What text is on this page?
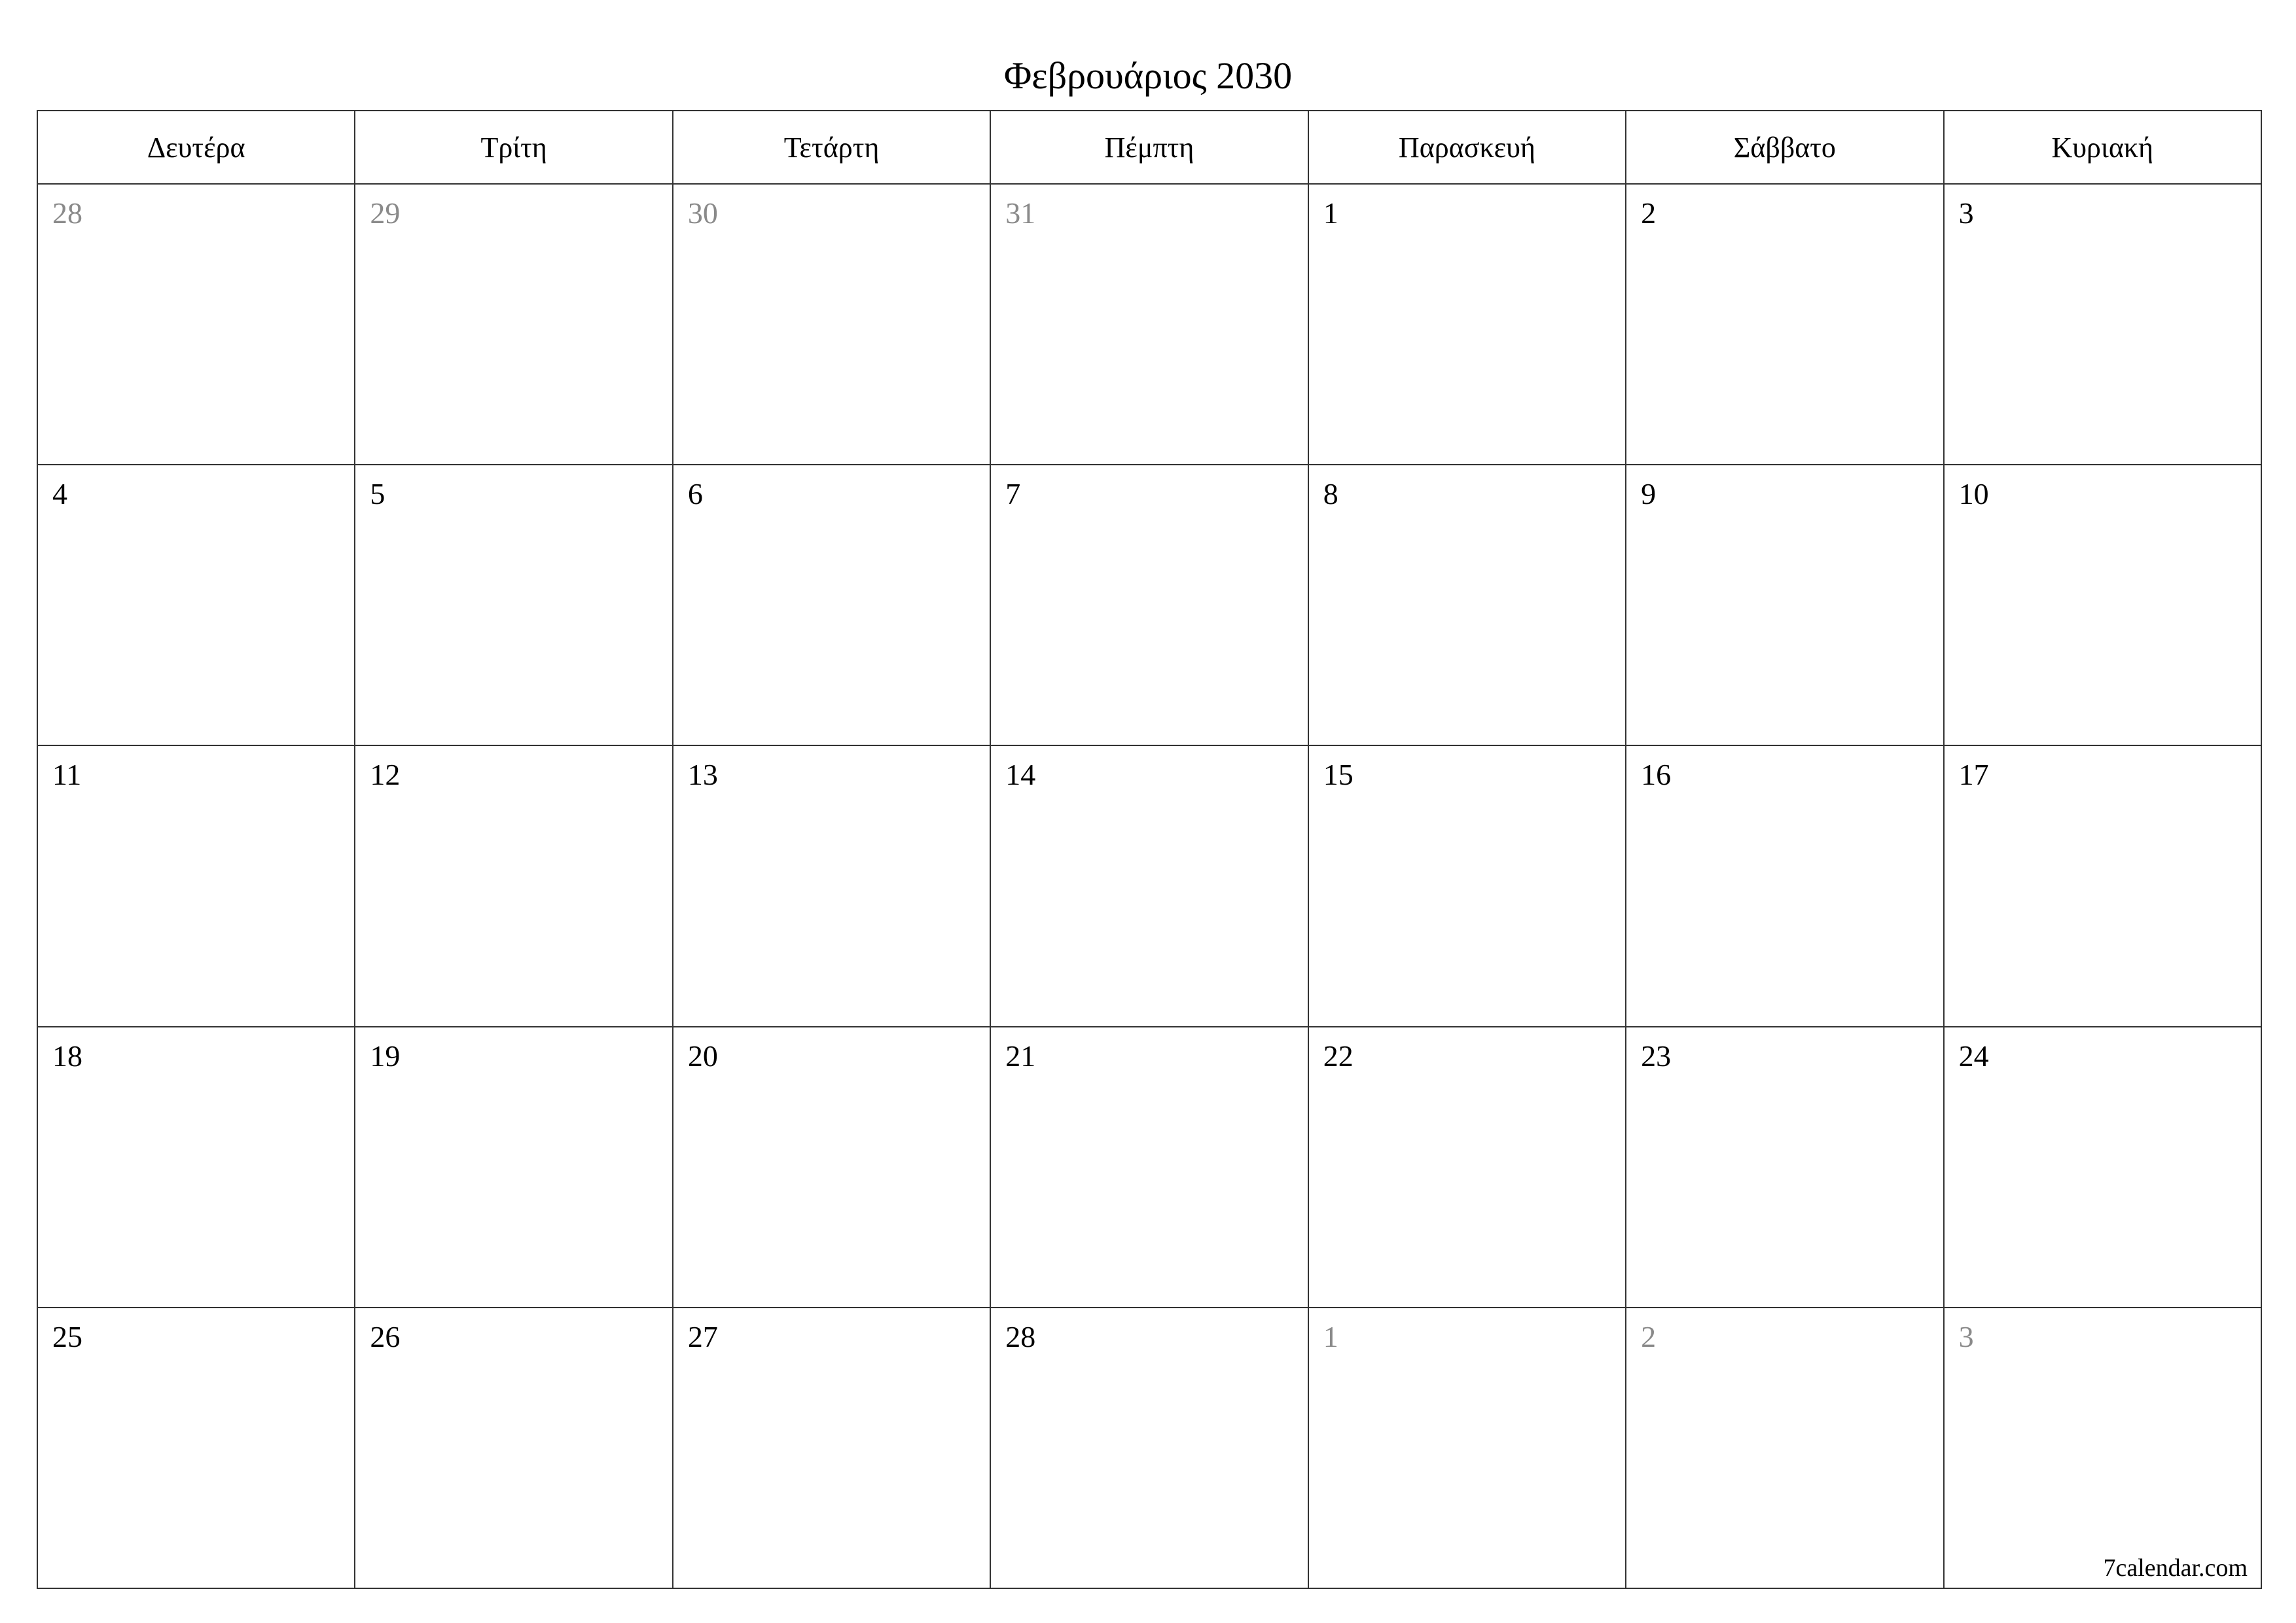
Φεβρουάριος 2030
Δευτέρα	Τρίτη	Τετάρτη	Πέμπτη	Παρασκευή	Σάββατο	Κυριακή
28	29	30	31	1	2	3
4	5	6	7	8	9	10
11	12	13	14	15	16	17
18	19	20	21	22	23	24
25	26	27	28	1	2	3
7calendar.com
